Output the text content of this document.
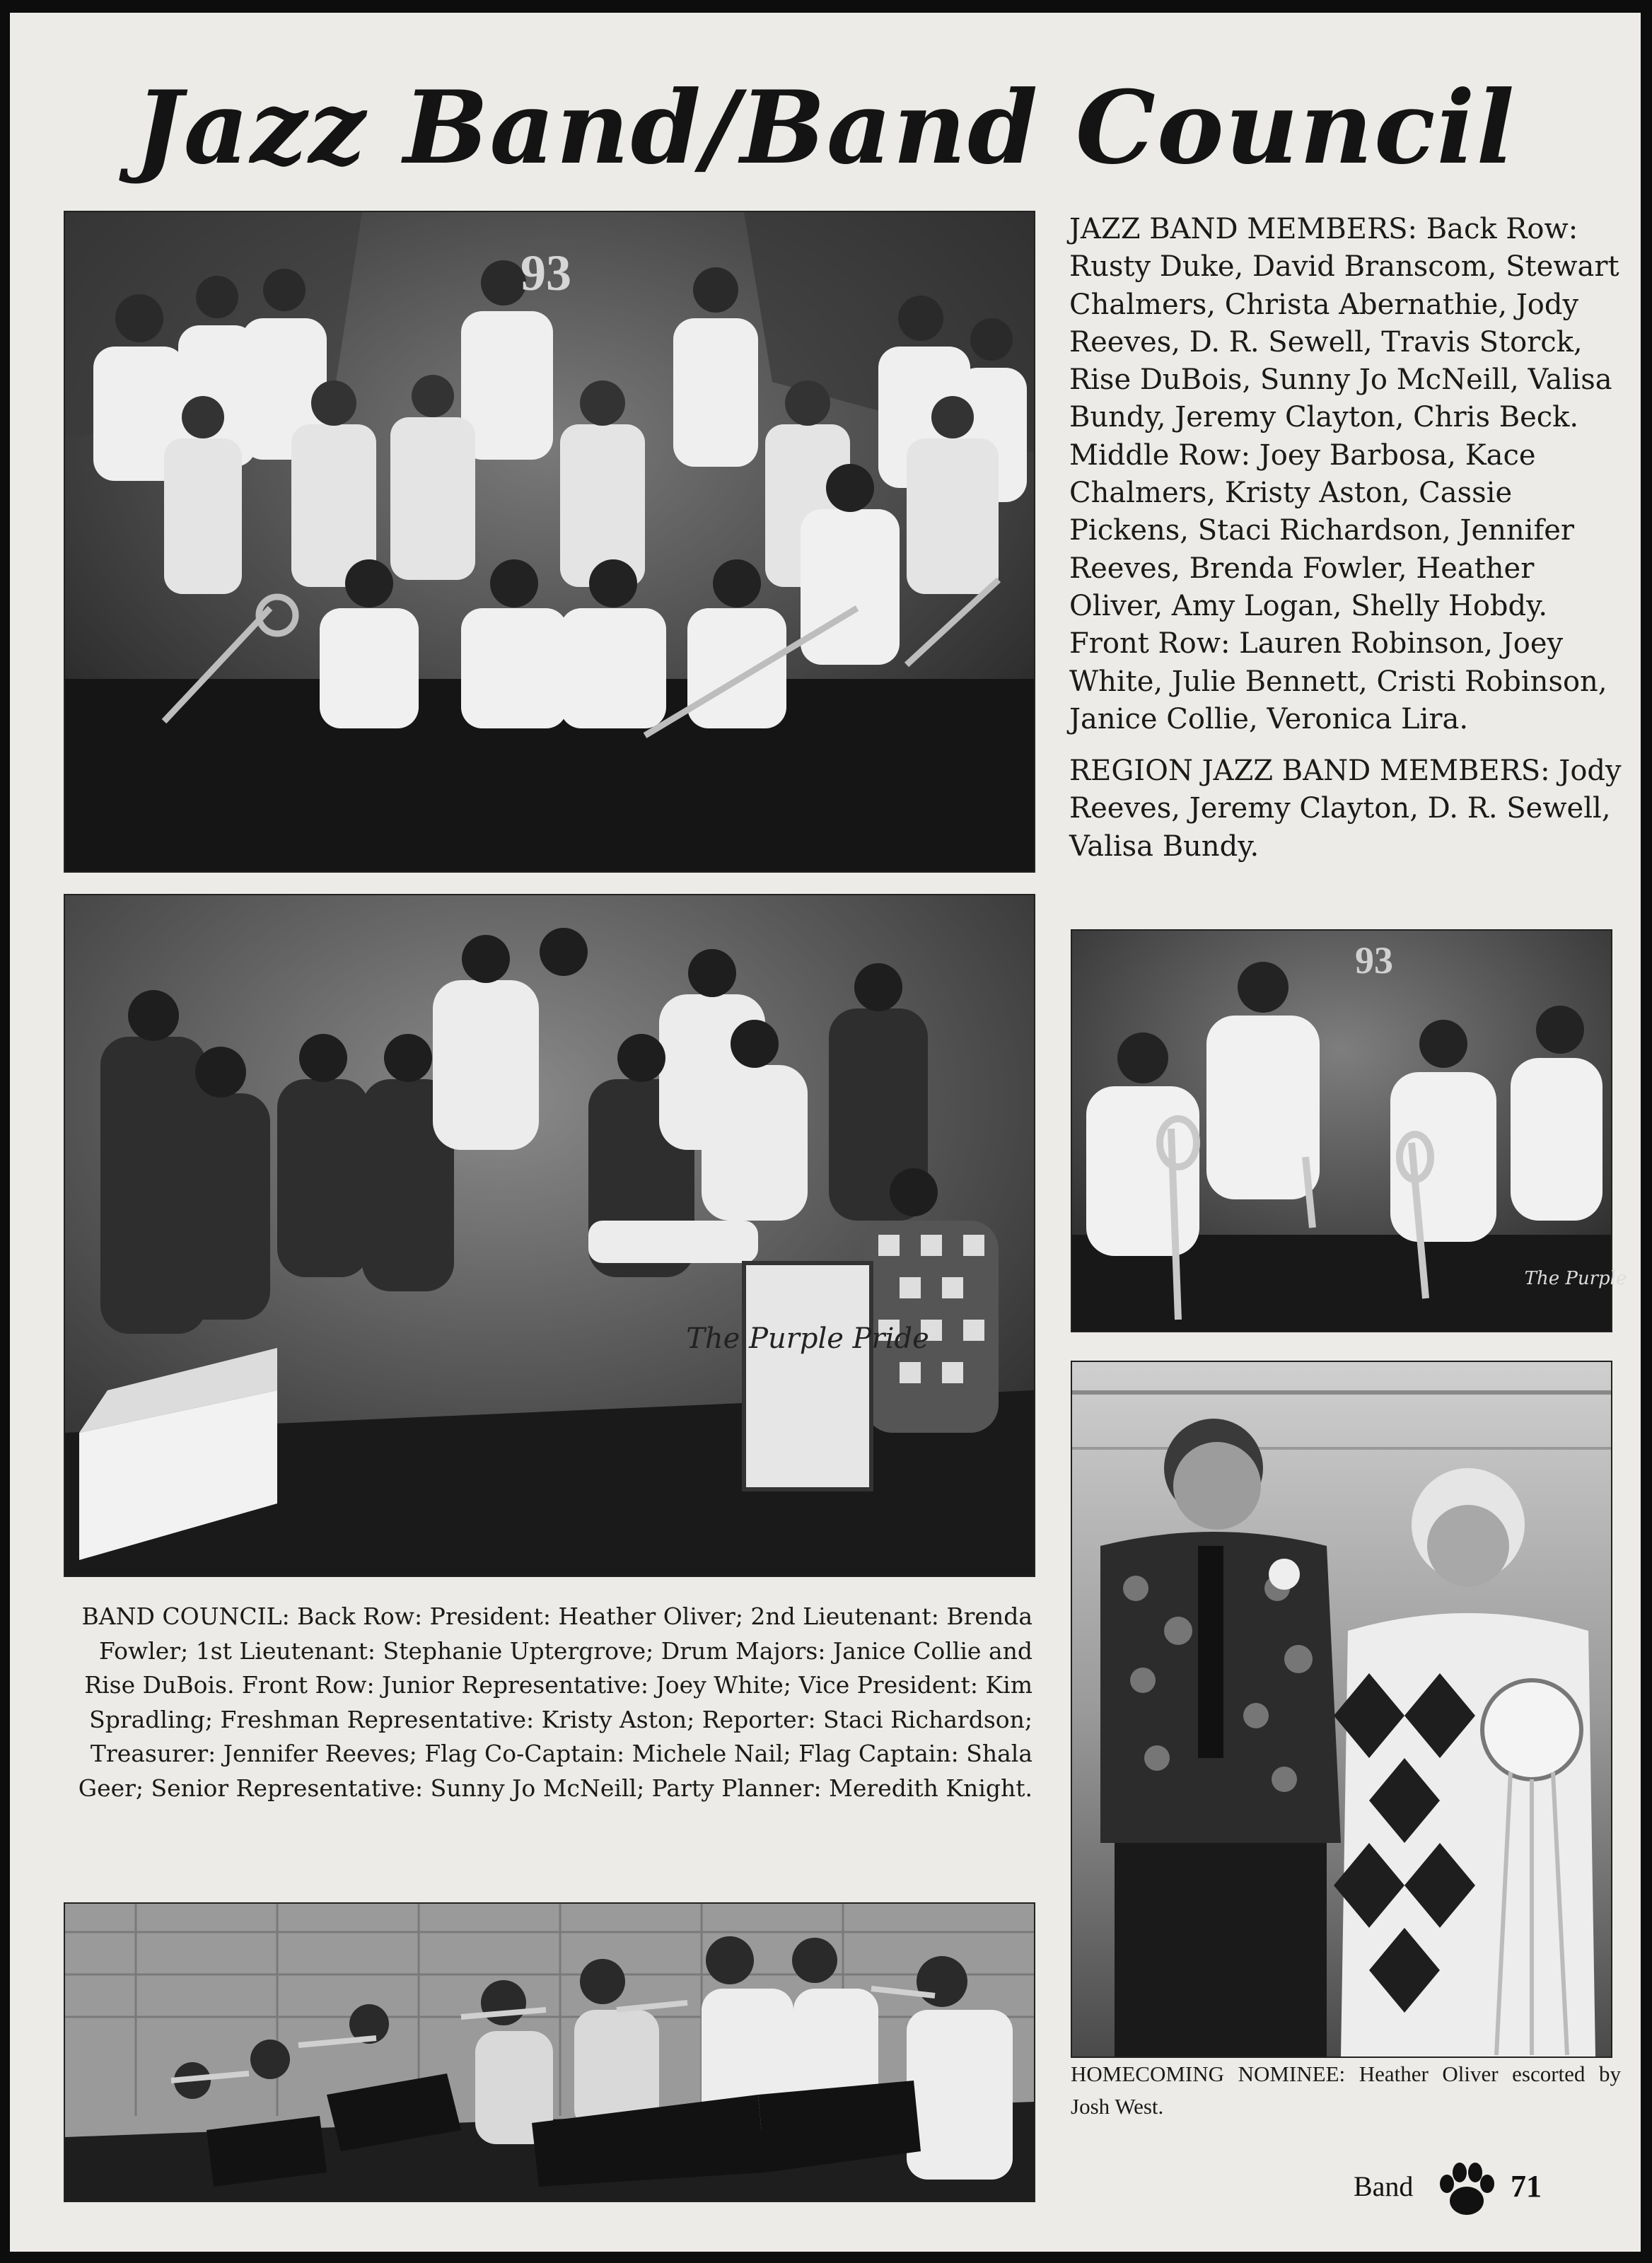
Jazz Band/Band Council
93
The Purple Pride
93
The Purple

JAZZ BAND MEMBERS: Back Row: Rusty Duke, David Branscom, Stewart Chalmers, Christa Abernathie, Jody Reeves, D. R. Sewell, Travis Storck, Rise DuBois, Sunny Jo McNeill, Valisa Bundy, Jeremy Clayton, Chris Beck. Middle Row: Joey Barbosa, Kace Chalmers, Kristy Aston, Cassie Pickens, Staci Richardson, Jennifer Reeves, Brenda Fowler, Heather Oliver, Amy Logan, Shelly Hobdy. Front Row: Lauren Robinson, Joey White, Julie Bennett, Cristi Robinson, Janice Collie, Veronica Lira.

REGION JAZZ BAND MEMBERS: Jody Reeves, Jeremy Clayton, D. R. Sewell, Valisa Bundy.

BAND COUNCIL: Back Row: President: Heather Oliver; 2nd Lieutenant: Brenda Fowler; 1st Lieutenant: Stephanie Uptergrove; Drum Majors: Janice Collie and Rise DuBois. Front Row: Junior Representative: Joey White; Vice President: Kim Spradling; Freshman Representative: Kristy Aston; Reporter: Staci Richardson; Treasurer: Jennifer Reeves; Flag Co-Captain: Michele Nail; Flag Captain: Shala Geer; Senior Representative: Sunny Jo McNeill; Party Planner: Meredith Knight.
HOMECOMING NOMINEE: Heather Oliver escorted by Josh West.
Band	71
